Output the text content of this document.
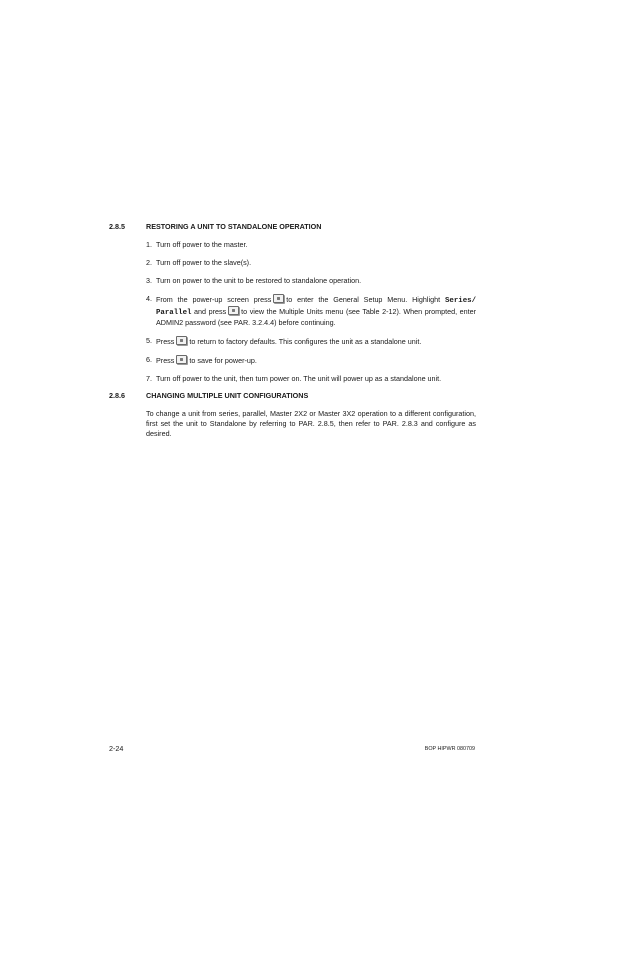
2.8.5	RESTORING A UNIT TO STANDALONE OPERATION
1. Turn off power to the master.
2. Turn off power to the slave(s).
3. Turn on power to the unit to be restored to standalone operation.
4. From the power-up screen press to enter the General Setup Menu. Highlight Series/ Parallel and press to view the Multiple Units menu (see Table 2-12). When prompted, enter ADMIN2 password (see PAR. 3.2.4.4) before continuing.
5. Press to return to factory defaults. This configures the unit as a standalone unit.
6. Press to save for power-up.
7. Turn off power to the unit, then turn power on. The unit will power up as a standalone unit.
2.8.6	CHANGING MULTIPLE UNIT CONFIGURATIONS

To change a unit from series, parallel, Master 2X2 or Master 3X2 operation to a different configuration, first set the unit to Standalone by referring to PAR. 2.8.5, then refer to PAR. 2.8.3 and configure as desired.

2-24	BOP HIPWR 080709
